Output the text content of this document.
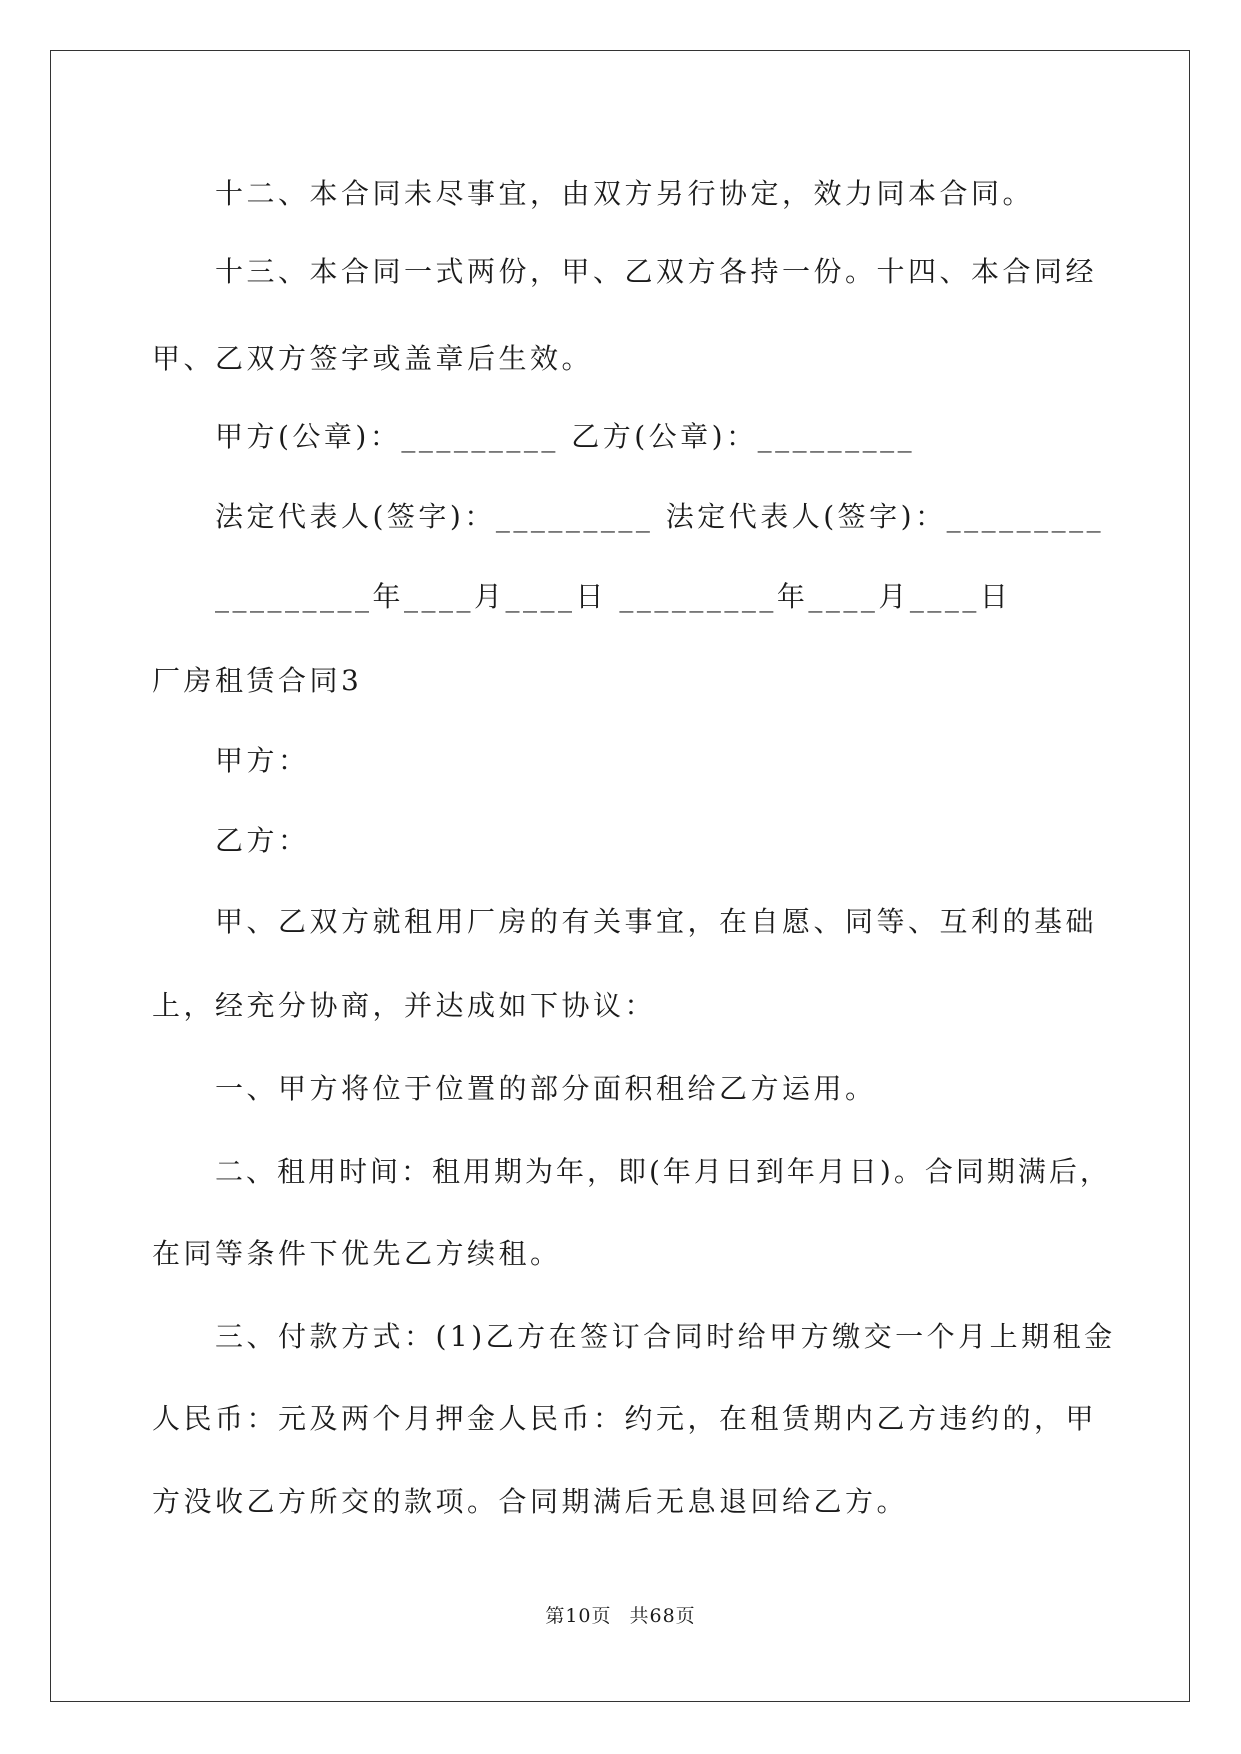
十二、本合同未尽事宜，由双方另行协定，效力同本合同。
十三、本合同一式两份，甲、乙双方各持一份。十四、本合同经
甲、乙双方签字或盖章后生效。
甲方(公章)：_________ 乙方(公章)：_________
法定代表人(签字)：_________ 法定代表人(签字)：_________
_________年____月____日 _________年____月____日
厂房租赁合同3
甲方：
乙方：
甲、乙双方就租用厂房的有关事宜，在自愿、同等、互利的基础
上，经充分协商，并达成如下协议：
一、甲方将位于位置的部分面积租给乙方运用。
二、租用时间：租用期为年，即(年月日到年月日)。合同期满后，
在同等条件下优先乙方续租。
三、付款方式：(1)乙方在签订合同时给甲方缴交一个月上期租金
人民币：元及两个月押金人民币：约元，在租赁期内乙方违约的，甲
方没收乙方所交的款项。合同期满后无息退回给乙方。
第10页 共68页
